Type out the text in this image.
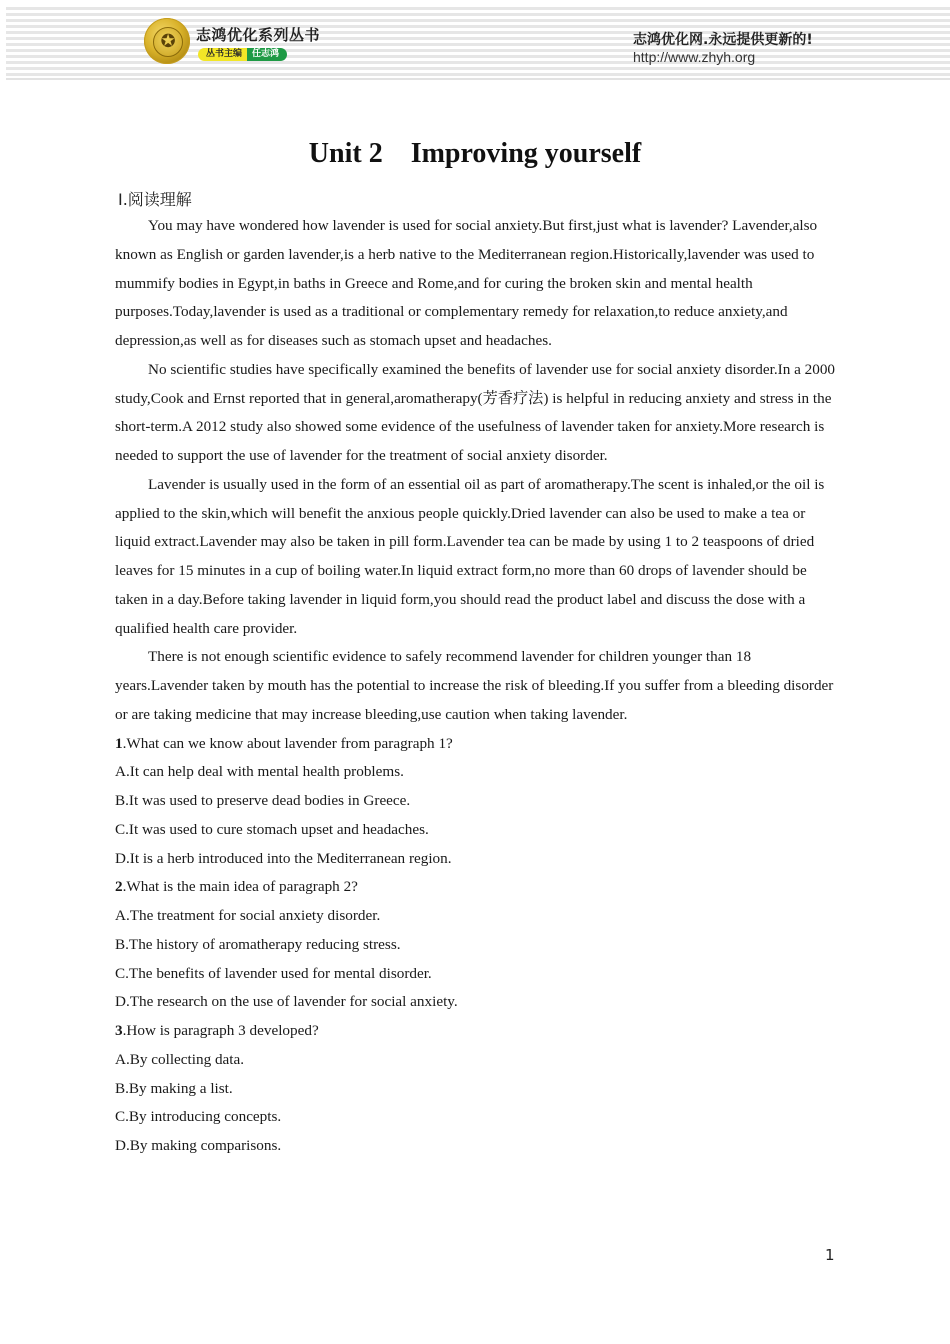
✪	志鸿优化系列丛书
丛书主编	任志鸿
志鸿优化网.永远提供更新的!
http://www.zhyh.org
Unit 2    Improving yourself
Ⅰ.阅读理解

You may have wondered how lavender is used for social anxiety.But first,just what is lavender? Lavender,also known as English or garden lavender,is a herb native to the Mediterranean region.Historically,lavender was used to mummify bodies in Egypt,in baths in Greece and Rome,and for curing the broken skin and mental health purposes.Today,lavender is used as a traditional or complementary remedy for relaxation,to reduce anxiety,and depression,as well as for diseases such as stomach upset and headaches.

No scientific studies have specifically examined the benefits of lavender use for social anxiety disorder.In a 2000 study,Cook and Ernst reported that in general,aromatherapy(芳香疗法) is helpful in reducing anxiety and stress in the short-term.A 2012 study also showed some evidence of the usefulness of lavender taken for anxiety.More research is needed to support the use of lavender for the treatment of social anxiety disorder.

Lavender is usually used in the form of an essential oil as part of aromatherapy.The scent is inhaled,or the oil is applied to the skin,which will benefit the anxious people quickly.Dried lavender can also be used to make a tea or liquid extract.Lavender may also be taken in pill form.Lavender tea can be made by using 1 to 2 teaspoons of dried leaves for 15 minutes in a cup of boiling water.In liquid extract form,no more than 60 drops of lavender should be taken in a day.Before taking lavender in liquid form,you should read the product label and discuss the dose with a qualified health care provider.

There is not enough scientific evidence to safely recommend lavender for children younger than 18 years.Lavender taken by mouth has the potential to increase the risk of bleeding.If you suffer from a bleeding disorder or are taking medicine that may increase bleeding,use caution when taking lavender.

1.What can we know about lavender from paragraph 1?

A.It can help deal with mental health problems.

B.It was used to preserve dead bodies in Greece.

C.It was used to cure stomach upset and headaches.

D.It is a herb introduced into the Mediterranean region.

2.What is the main idea of paragraph 2?

A.The treatment for social anxiety disorder.

B.The history of aromatherapy reducing stress.

C.The benefits of lavender used for mental disorder.

D.The research on the use of lavender for social anxiety.

3.How is paragraph 3 developed?

A.By collecting data.

B.By making a list.

C.By introducing concepts.

D.By making comparisons.

1
